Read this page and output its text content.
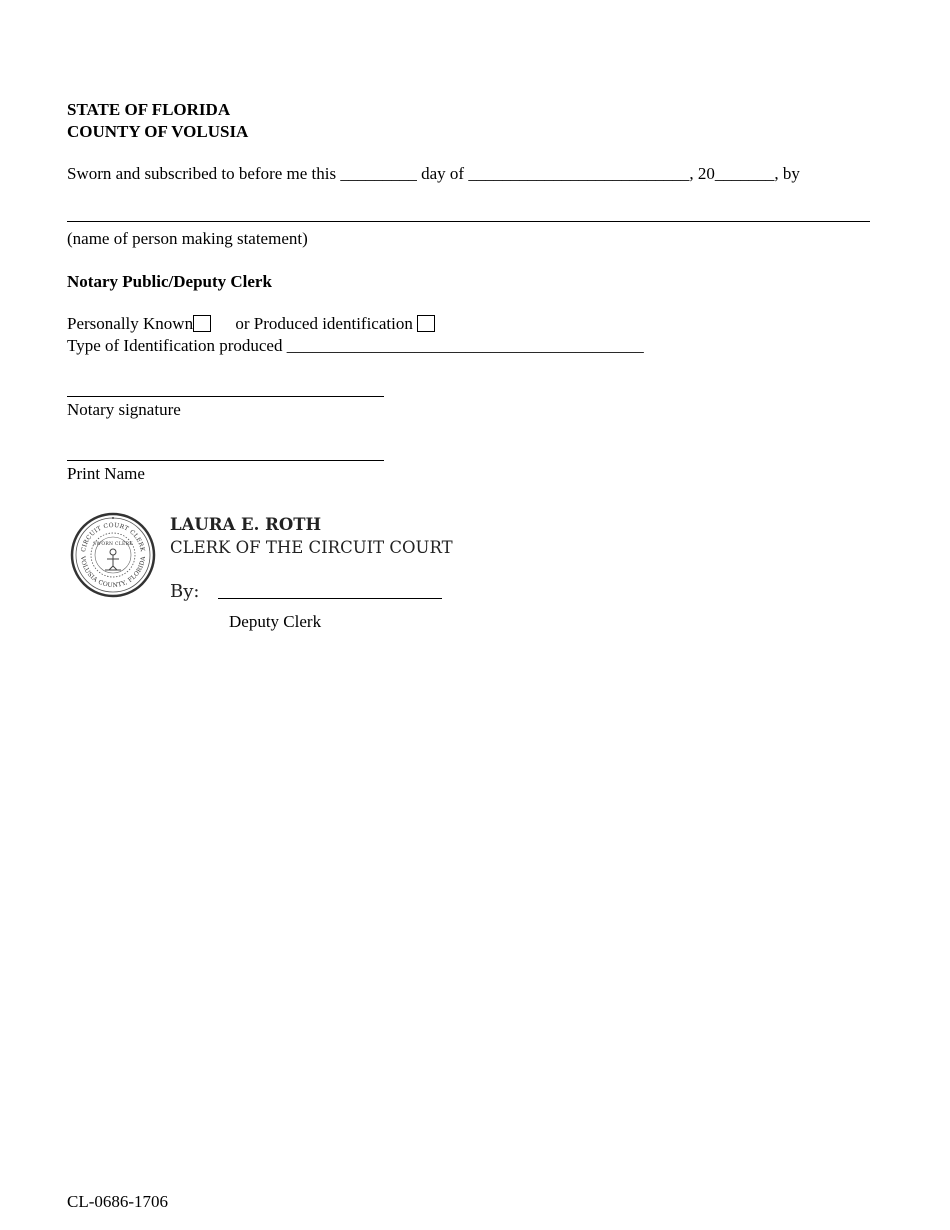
STATE OF FLORIDA
COUNTY OF VOLUSIA
Sworn and subscribed to before me this _________ day of __________________________, 20_______, by
(name of person making statement)
Notary Public/Deputy Clerk
Personally Known or Produced identification
Type of Identification produced __________________________________________
Notary signature
Print Name
CIRCUIT COURT CLERK
VOLUSIA COUNTY, FLORIDA
SWORN CLERK
LAURA E. ROTH
CLERK OF THE CIRCUIT COURT
By:
Deputy Clerk
CL-0686-1706
